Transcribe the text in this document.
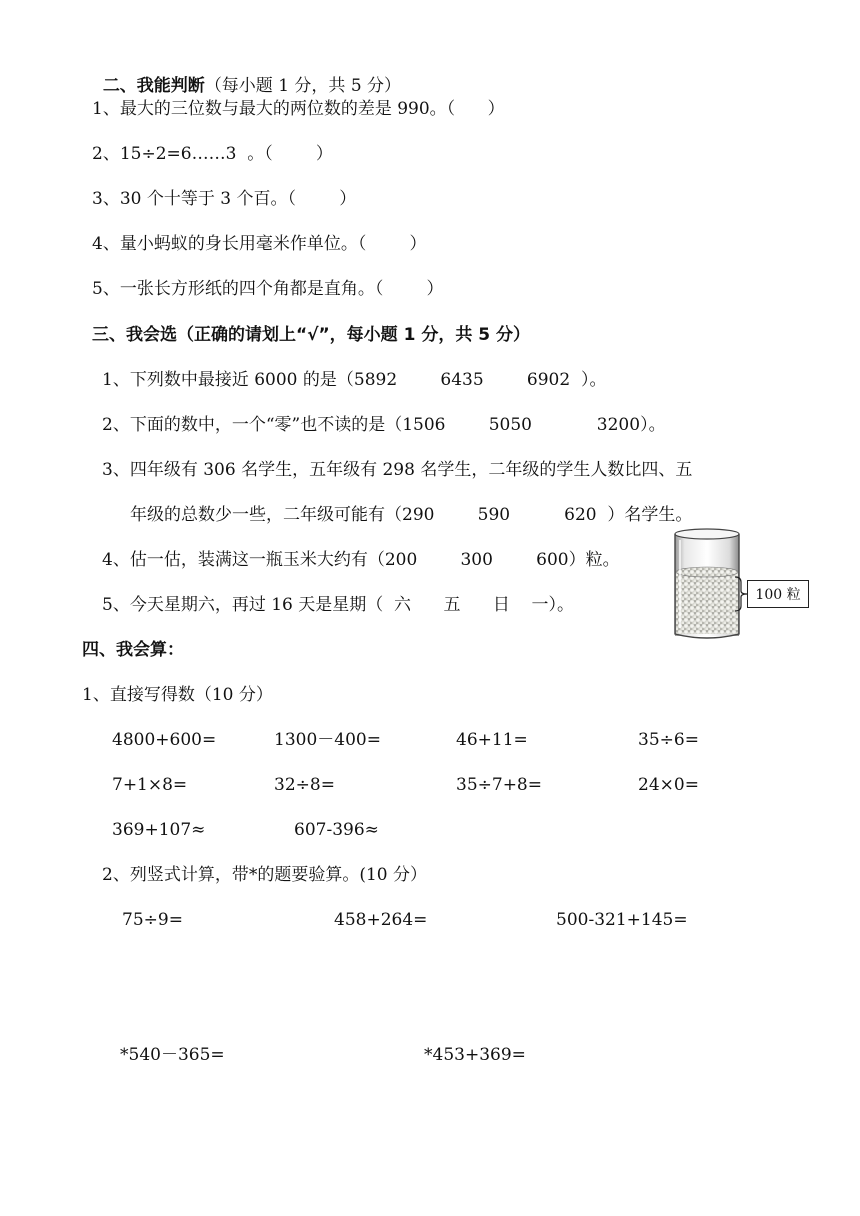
二、我能判断（每小题 1 分，共 5 分）

1、最大的三位数与最大的两位数的差是 990。（      ）
2、15÷2=6……3  。（        ）
3、30 个十等于 3 个百。（        ）
4、量小蚂蚁的身长用毫米作单位。（        ）
5、一张长方形纸的四个角都是直角。（        ）
三、我会选（正确的请划上“√”，每小题 1 分，共 5 分）
1、下列数中最接近 6000 的是（5892        6435        6902  ）。
2、下面的数中，一个“零”也不读的是（1506        5050            3200）。
3、四年级有 306 名学生，五年级有 298 名学生，二年级的学生人数比四、五
年级的总数少一些，二年级可能有（290        590          620  ）名学生。
4、估一估，装满这一瓶玉米大约有（200        300        600）粒。
5、今天星期六，再过 16 天是星期（  六      五      日    一）。	100 粒
四、我会算：
1、直接写得数（10 分）
4800+600=	1300－400=	46+11=	35÷6=
7+1×8=	32÷8=	35÷7+8=	24×0=
369+107≈	607-396≈
2、列竖式计算，带*的题要验算。(10 分）
75÷9=	458+264=	500-321+145=
*540－365=	*453+369=
